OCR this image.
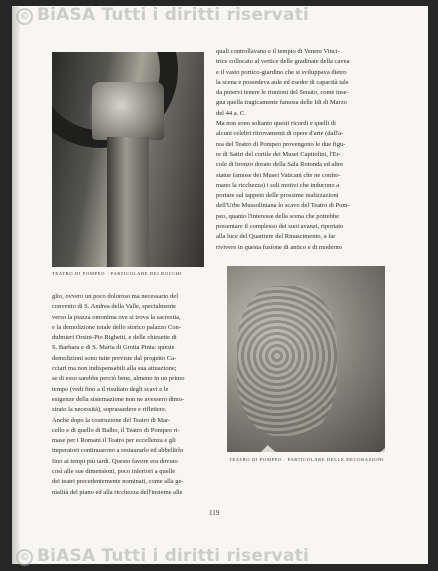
© BiASA Tutti i diritti riservati
TEATRO DI POMPEO · PARTICOLARE DEI ROCCHI
quali controllavano e il tempio di Venere Vinci-
trice collocato al vertice delle gradinate della cavea
e il vasto portico-giardino che si sviluppava dietro
la scena e possedeva aule ed esedre di capacità tale
da potervi tenere le riunioni del Senato, come inse-
gna quella tragicamente famosa delle Idi di Marzo
del 44 a. C.
Ma non sono soltanto questi ricordi e quelli di
alcuni celebri ritrovamenti di opere d'arte (dall'a-
rea del Teatro di Pompeo provengono le due figu-
re di Satiri del cortile dei Musei Capitolini, l'Er-
cole di bronzo dorato della Sala Rotonda ed altre
statue famose dei Musei Vaticani che ne confer-
mano la ricchezza) i soli motivi che inducono a
portare sul tappeto delle prossime realizzazioni
dell'Urbe Mussoliniana lo scavo del Teatro di Pom-
peo, quanto l'interesse della scena che potrebbe
presentare il complesso dei suoi avanzi, riportato
alla luce del Quartiere del Rinascimento, a far
rivivere in questa fusione di antico e di moderno
TEATRO DI POMPEO · PARTICOLARE DELLE DECORAZIONI
glio, ovvero un poco doloroso ma necessario del
convento di S. Andrea della Valle, specialmente
verso la piazza omonima ove si trova la sacrestia,
e la demolizione totale dello storico palazzo Con-
dulmieri Orsini-Pio Righetti, e delle chiesette di
S. Barbara e di S. Maria di Grotta Pinta: queste
demolizioni sono tutte previste dal progetto Ca-
cciari ma non indispensabili alla sua attuazione;
se di esso sarebbe perciò bene, almeno in un primo
tempo (vedi fino a il risultato degli scavi e le
esigenze della sistemazione non ne avessero dimo-
strato la necessità), soprassedere e riflettere.
Anche dopo la costruzione del Teatro di Mar-
cello e di quello di Balbo, il Teatro di Pompeo ri-
mase per i Romani il Teatro per eccellenza e gli
imperatori continuarono a restaurarlo ed abbellirlo
fino ai tempi più tardi. Questo favore era dovuto
così alle sue dimensioni, poco inferiori a quelle
dei teatri precedentemente nominati, come alla ge-
nialità del piano ed alla ricchezza dell'insieme alle
119
© BiASA Tutti i diritti riservati
